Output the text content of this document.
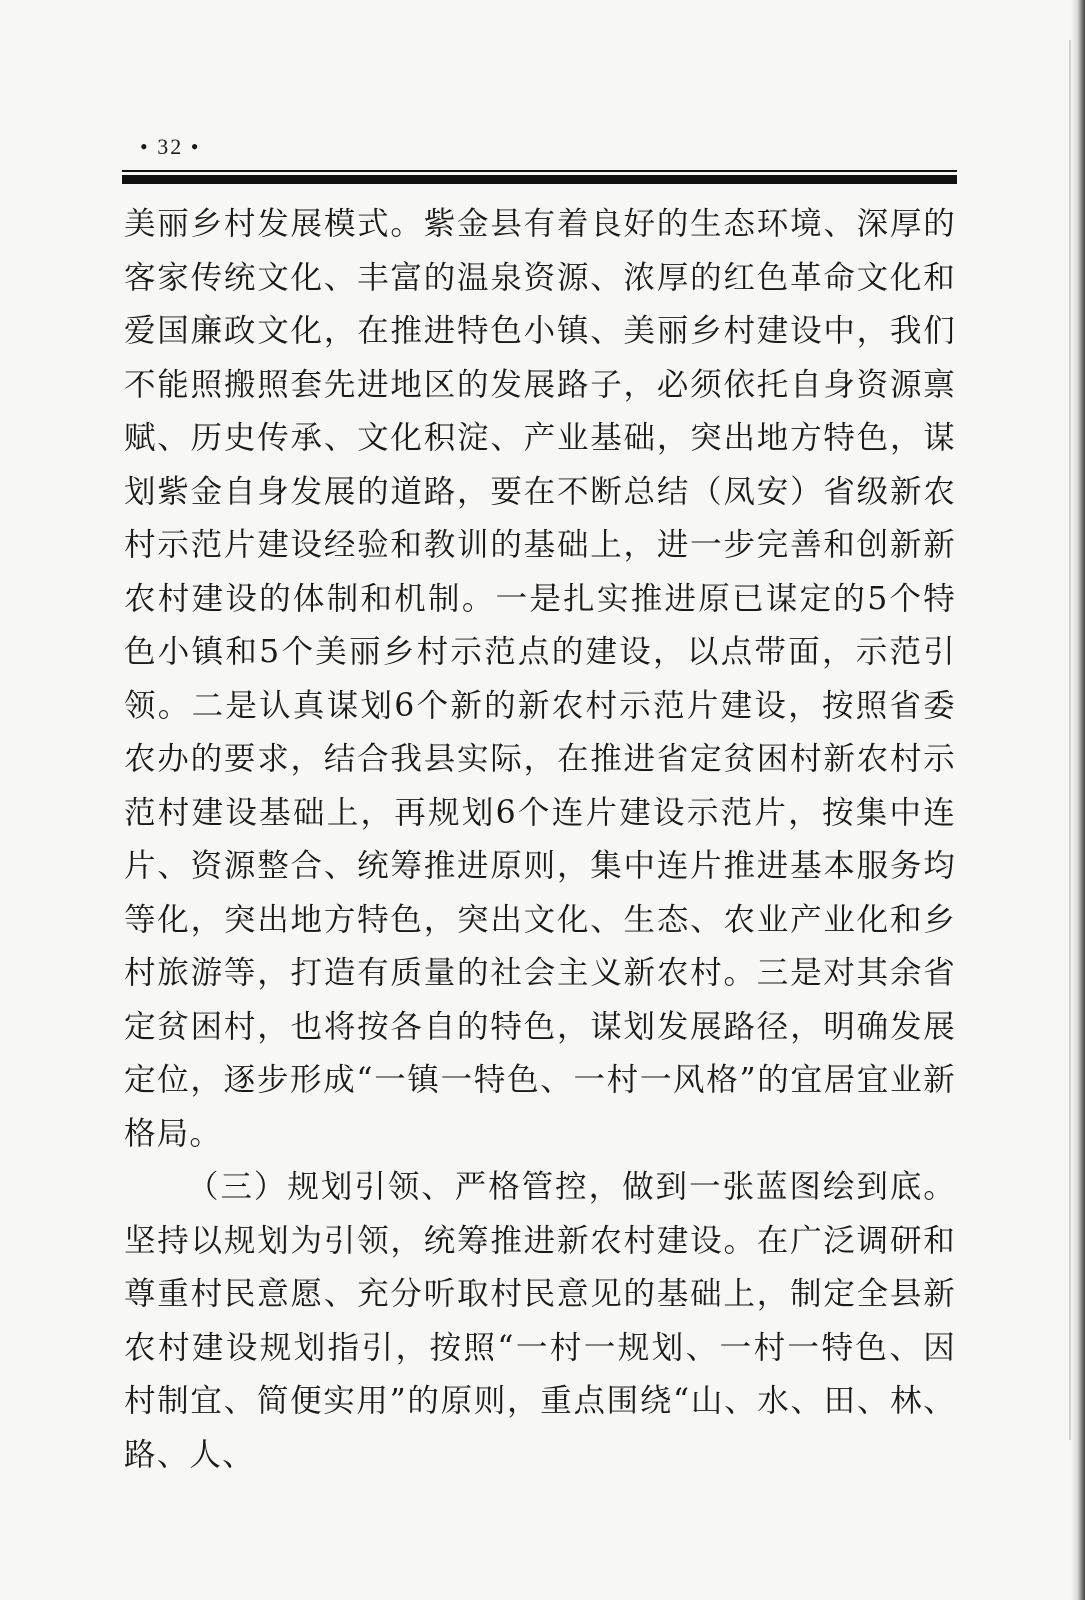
• 32 •

美丽乡村发展模式。紫金县有着良好的生态环境、深厚的客家传统文化、丰富的温泉资源、浓厚的红色革命文化和爱国廉政文化，在推进特色小镇、美丽乡村建设中，我们不能照搬照套先进地区的发展路子，必须依托自身资源禀赋、历史传承、文化积淀、产业基础，突出地方特色，谋划紫金自身发展的道路，要在不断总结（凤安）省级新农村示范片建设经验和教训的基础上，进一步完善和创新新农村建设的体制和机制。一是扎实推进原已谋定的5个特色小镇和5个美丽乡村示范点的建设，以点带面，示范引领。二是认真谋划6个新的新农村示范片建设，按照省委农办的要求，结合我县实际，在推进省定贫困村新农村示范村建设基础上，再规划6个连片建设示范片，按集中连片、资源整合、统筹推进原则，集中连片推进基本服务均等化，突出地方特色，突出文化、生态、农业产业化和乡村旅游等，打造有质量的社会主义新农村。三是对其余省定贫困村，也将按各自的特色，谋划发展路径，明确发展定位，逐步形成“一镇一特色、一村一风格”的宜居宜业新格局。

（三）规划引领、严格管控，做到一张蓝图绘到底。坚持以规划为引领，统筹推进新农村建设。在广泛调研和尊重村民意愿、充分听取村民意见的基础上，制定全县新农村建设规划指引，按照“一村一规划、一村一特色、因村制宜、简便实用”的原则，重点围绕“山、水、田、林、路、人、
